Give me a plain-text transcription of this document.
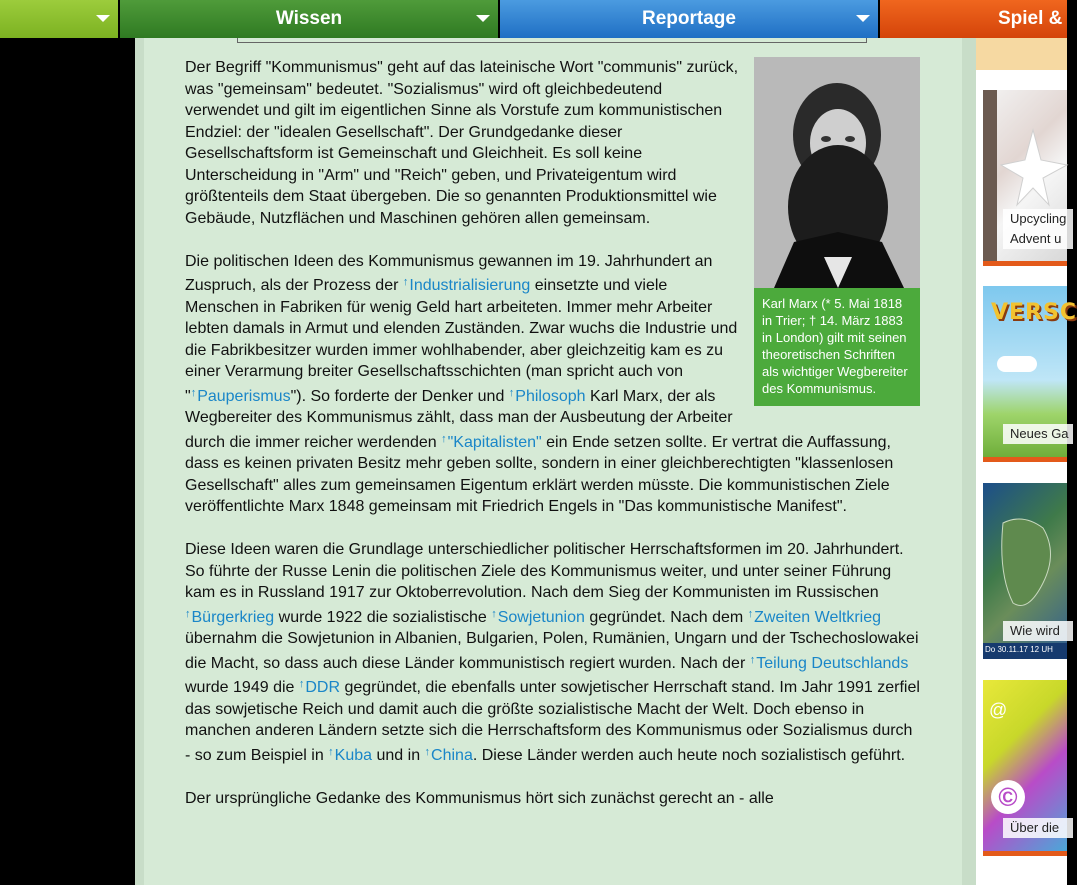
Wissen	Reportage	Spiel &
Karl Marx (* 5. Mai 1818 in Trier; † 14. März 1883 in London) gilt mit seinen theoretischen Schriften als wichtiger Wegbereiter des Kommunismus.

Der Begriff "Kommunismus" geht auf das lateinische Wort "communis" zurück, was "gemeinsam" bedeutet. "Sozialismus" wird oft gleichbedeutend verwendet und gilt im eigentlichen Sinne als Vorstufe zum kommunistischen Endziel: der "idealen Gesellschaft". Der Grundgedanke dieser Gesellschaftsform ist Gemeinschaft und Gleichheit. Es soll keine Unterscheidung in "Arm" und "Reich" geben, und Privateigentum wird größtenteils dem Staat übergeben. Die so genannten Produktionsmittel wie Gebäude, Nutzflächen und Maschinen gehören allen gemeinsam.

Die politischen Ideen des Kommunismus gewannen im 19. Jahrhundert an Zuspruch, als der Prozess der ↑Industrialisierung einsetzte und viele Menschen in Fabriken für wenig Geld hart arbeiteten. Immer mehr Arbeiter lebten damals in Armut und elenden Zuständen. Zwar wuchs die Industrie und die Fabrikbesitzer wurden immer wohlhabender, aber gleichzeitig kam es zu einer Verarmung breiter Gesellschaftsschichten (man spricht auch von "↑Pauperismus"). So forderte der Denker und ↑Philosoph Karl Marx, der als Wegbereiter des Kommunismus zählt, dass man der Ausbeutung der Arbeiter durch die immer reicher werdenden ↑"Kapitalisten" ein Ende setzen sollte. Er vertrat die Auffassung, dass es keinen privaten Besitz mehr geben sollte, sondern in einer gleichberechtigten "klassenlosen Gesellschaft" alles zum gemeinsamen Eigentum erklärt werden müsste. Die kommunistischen Ziele veröffentlichte Marx 1848 gemeinsam mit Friedrich Engels in "Das kommunistische Manifest".

Diese Ideen waren die Grundlage unterschiedlicher politischer Herrschaftsformen im 20. Jahrhundert. So führte der Russe Lenin die politischen Ziele des Kommunismus weiter, und unter seiner Führung kam es in Russland 1917 zur Oktoberrevolution. Nach dem Sieg der Kommunisten im Russischen ↑Bürgerkrieg wurde 1922 die sozialistische ↑Sowjetunion gegründet. Nach dem ↑Zweiten Weltkrieg übernahm die Sowjetunion in Albanien, Bulgarien, Polen, Rumänien, Ungarn und der Tschechoslowakei die Macht, so dass auch diese Länder kommunistisch regiert wurden. Nach der ↑Teilung Deutschlands wurde 1949 die ↑DDR gegründet, die ebenfalls unter sowjetischer Herrschaft stand. Im Jahr 1991 zerfiel das sowjetische Reich und damit auch die größte sozialistische Macht der Welt. Doch ebenso in manchen anderen Ländern setzte sich die Herrschaftsform des Kommunismus oder Sozialismus durch - so zum Beispiel in ↑Kuba und in ↑China. Diese Länder werden auch heute noch sozialistisch geführt.

Der ursprüngliche Gedanke des Kommunismus hört sich zunächst gerecht an - alle

Upcycling
Advent u
VERSC
Neues Ga
Do 30.11.17 12 UH
Wie wird
©
@
Über die
